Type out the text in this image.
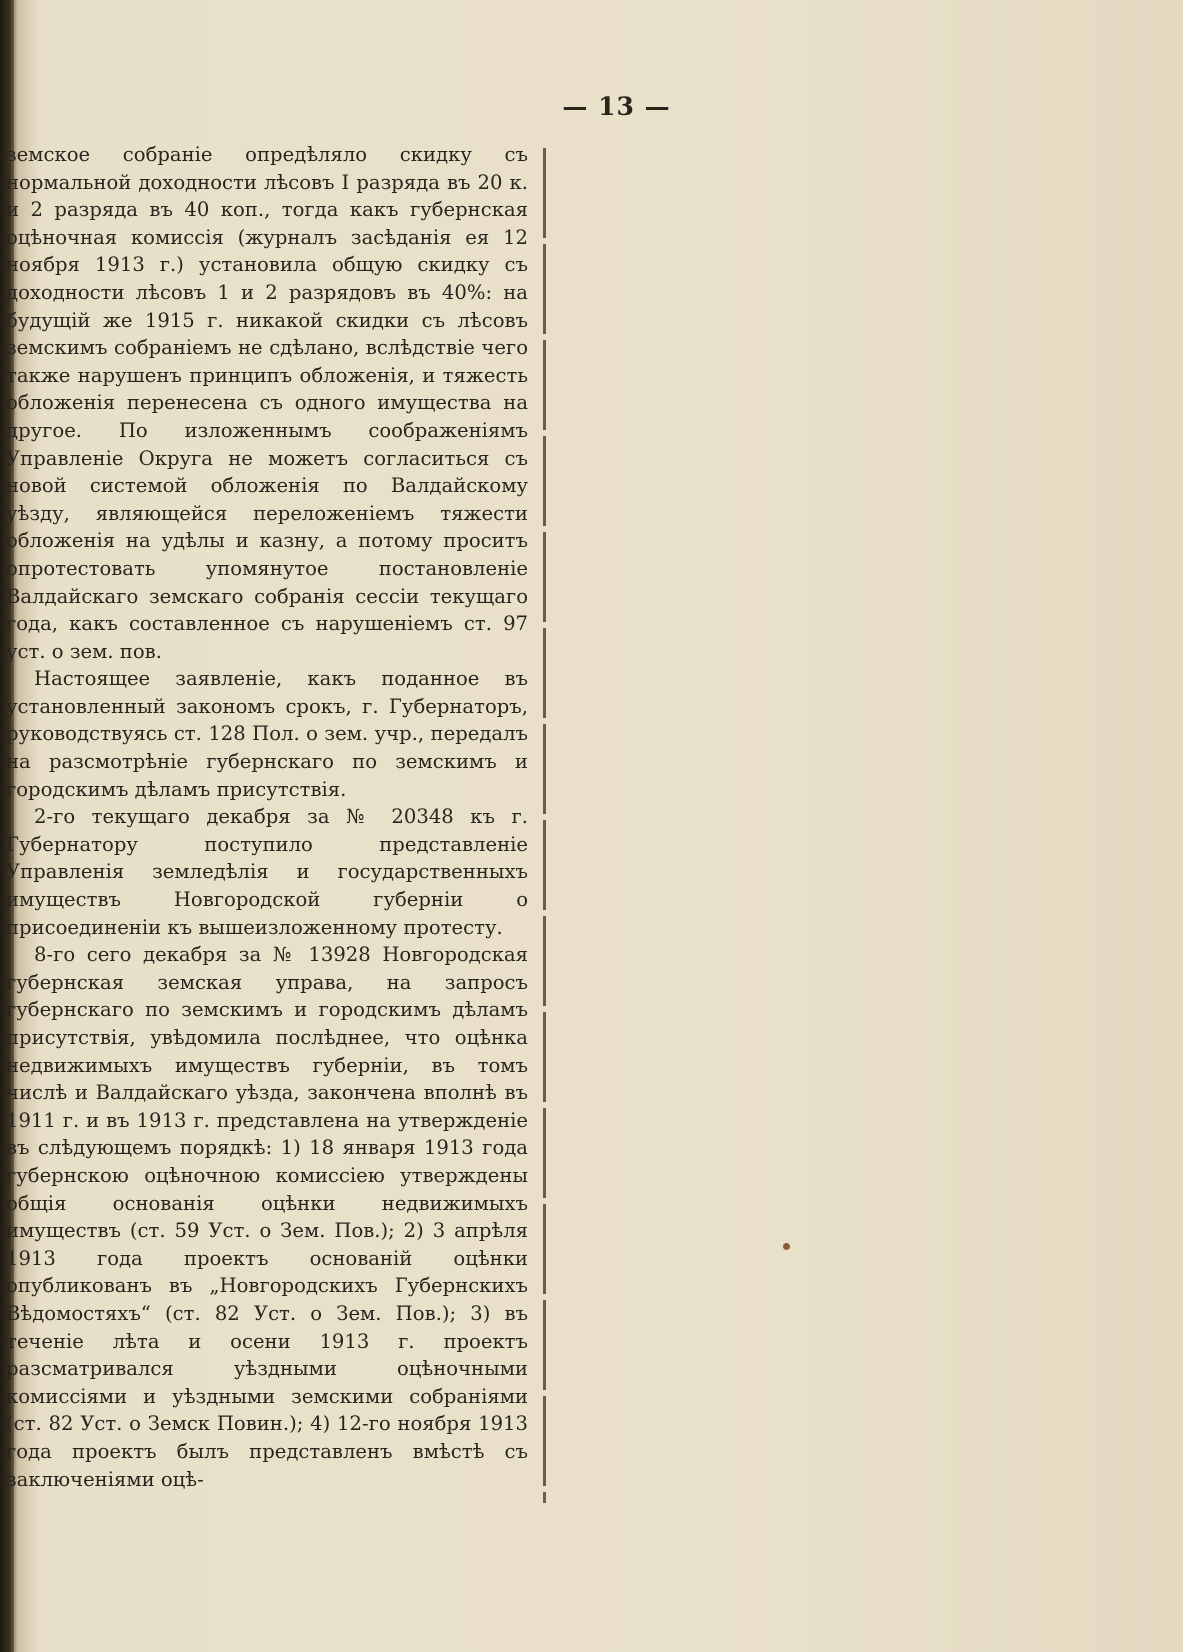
— 13 —

земское собраніе опредѣляло скидку съ нормальной доходности лѣсовъ I разряда въ 20 к. и 2 разряда въ 40 коп., тогда какъ губернская оцѣночная комиссія (журналъ засѣданія ея 12 ноября 1913 г.) установила общую скидку съ доходности лѣсовъ 1 и 2 разрядовъ въ 40%: на будущій же 1915 г. никакой скидки съ лѣсовъ земскимъ собраніемъ не сдѣлано, вслѣдствіе чего также нарушенъ принципъ обложенія, и тяжесть обложенія перенесена съ одного имущества на другое. По изложеннымъ соображеніямъ Управленіе Округа не можетъ согласиться съ новой системой обложенія по Валдайскому уѣзду, являющейся переложеніемъ тяжести обложенія на удѣлы и казну, а потому проситъ опротестовать упомянутое постановленіе Валдайскаго земскаго собранія сессіи текущаго года, какъ составленное съ нарушеніемъ ст. 97 уст. о зем. пов.

Настоящее заявленіе, какъ поданное въ установленный закономъ срокъ, г. Губернаторъ, руководствуясь ст. 128 Пол. о зем. учр., передалъ на разсмотрѣніе губернскаго по земскимъ и городскимъ дѣламъ присутствія.

2-го текущаго декабря за № 20348 къ г. Губернатору поступило представленіе Управленія земледѣлія и государственныхъ имуществъ Новгородской губерніи о присоединеніи къ вышеизложенному протесту.

8-го сего декабря за № 13928 Новгородская губернская земская управа, на запросъ губернскаго по земскимъ и городскимъ дѣламъ присутствія, увѣдомила послѣднее, что оцѣнка недвижимыхъ имуществъ губерніи, въ томъ числѣ и Валдайскаго уѣзда, закончена вполнѣ въ 1911 г. и въ 1913 г. представлена на утвержденіе въ слѣдующемъ порядкѣ: 1) 18 января 1913 года губернскою оцѣночною комиссіею утверждены общія основанія оцѣнки недвижимыхъ имуществъ (ст. 59 Уст. о Зем. Пов.); 2) 3 апрѣля 1913 года проектъ основаній оцѣнки опубликованъ въ „Новгородскихъ Губернскихъ Вѣдомостяхъ“ (ст. 82 Уст. о Зем. Пов.); 3) въ теченіе лѣта и осени 1913 г. проектъ разсматривался уѣздными оцѣночными комиссіями и уѣздными земскими собраніями (ст. 82 Уст. о Земск Повин.); 4) 12-го ноября 1913 года проектъ былъ представленъ вмѣстѣ съ заключеніями оцѣ-
